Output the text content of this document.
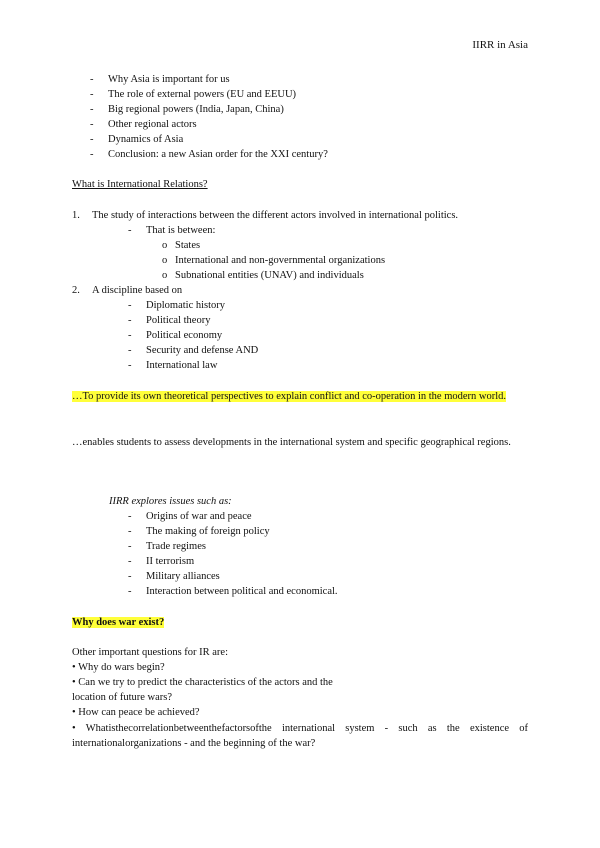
IIRR in Asia
- Why Asia is important for us
- The role of external powers (EU and EEUU)
- Big regional powers (India, Japan, China)
- Other regional actors
- Dynamics of Asia
- Conclusion: a new Asian order for the XXI century?
What is International Relations?
1. The study of interactions between the different actors involved in international politics.
- That is between:
o States
o International and non-governmental organizations
o Subnational entities (UNAV) and individuals
2. A discipline based on
- Diplomatic history
- Political theory
- Political economy
- Security and defense AND
- International law
…To provide its own theoretical perspectives to explain conflict and co-operation in the modern world.
…enables students to assess developments in the international system and specific geographical regions.
IIRR explores issues such as:
- Origins of war and peace
- The making of foreign policy
- Trade regimes
- II terrorism
- Military alliances
- Interaction between political and economical.
Why does war exist?
Other important questions for IR are:
• Why do wars begin?
• Can we try to predict the characteristics of the actors and the
location of future wars?
• How can peace be achieved?
• Whatisthecorrelationbetweenthefactorsofthe international system - such as the existence of internationalorganizations - and the beginning of the war?
